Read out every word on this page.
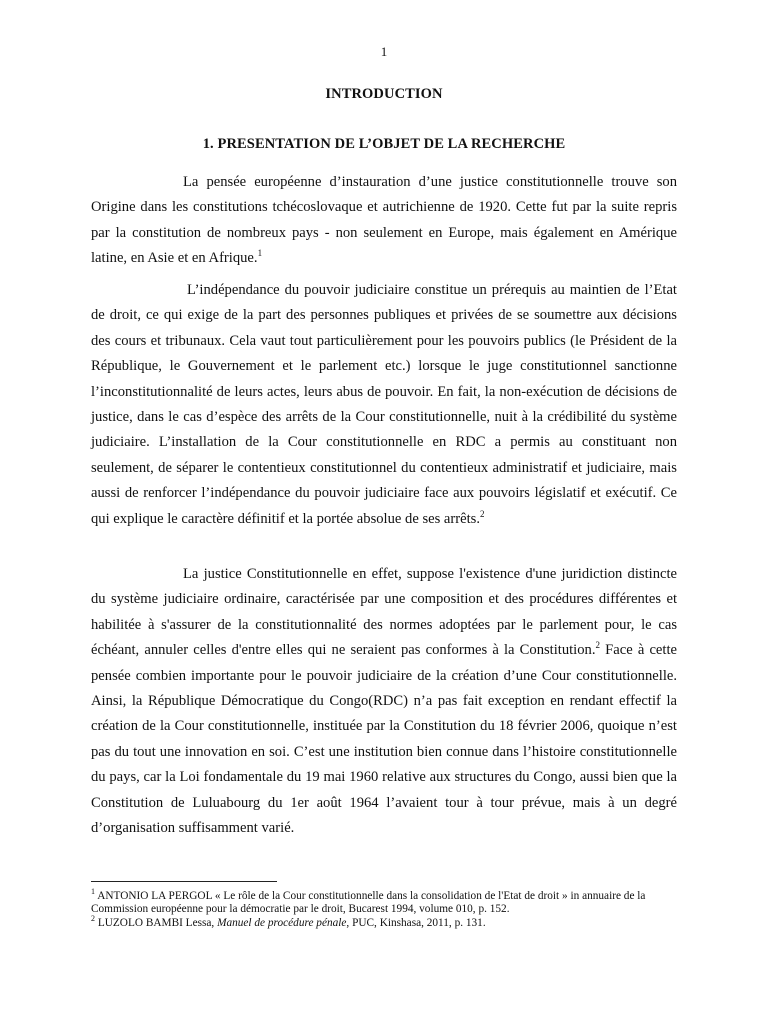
1
INTRODUCTION
1. PRESENTATION DE L’OBJET DE LA RECHERCHE

La pensée européenne d’instauration d’une justice constitutionnelle trouve son Origine dans les constitutions tchécoslovaque et autrichienne de 1920. Cette fut par la suite repris par la constitution de nombreux pays - non seulement en Europe, mais également en Amérique latine, en Asie et en Afrique.$^1$

L’indépendance du pouvoir judiciaire constitue un prérequis au maintien de l’Etat de droit, ce qui exige de la part des personnes publiques et privées de se soumettre aux décisions des cours et tribunaux. Cela vaut tout particulièrement pour les pouvoirs publics (le Président de la République, le Gouvernement et le parlement etc.) lorsque le juge constitutionnel sanctionne l’inconstitutionnalité de leurs actes, leurs abus de pouvoir. En fait, la non-exécution de décisions de justice, dans le cas d’espèce des arrêts de la Cour constitutionnelle, nuit à la crédibilité du système judiciaire. L’installation de la Cour constitutionnelle en RDC a permis au constituant non seulement, de séparer le contentieux constitutionnel du contentieux administratif et judiciaire, mais aussi de renforcer l’indépendance du pouvoir judiciaire face aux pouvoirs législatif et exécutif. Ce qui explique le caractère définitif et la portée absolue de ses arrêts.$^2$

La justice Constitutionnelle en effet, suppose l'existence d'une juridiction distincte du système judiciaire ordinaire, caractérisée par une composition et des procédures différentes et habilitée à s'assurer de la constitutionnalité des normes adoptées par le parlement pour, le cas échéant, annuler celles d'entre elles qui ne seraient pas conformes à la Constitution.$^2$ Face à cette pensée combien importante pour le pouvoir judiciaire de la création d’une Cour constitutionnelle. Ainsi, la République Démocratique du Congo(RDC) n’a pas fait exception en rendant effectif la création de la Cour constitutionnelle, instituée par la Constitution du 18 février 2006, quoique n’est pas du tout une innovation en soi. C’est une institution bien connue dans l’histoire constitutionnelle du pays, car la Loi fondamentale du 19 mai 1960 relative aux structures du Congo, aussi bien que la Constitution de Luluabourg du 1er août 1964 l’avaient tour à tour prévue, mais à un degré d’organisation suffisamment varié.

$^1$ ANTONIO LA PERGOL « Le rôle de la Cour constitutionnelle dans la consolidation de l'Etat de droit » in annuaire de la Commission européenne pour la démocratie par le droit, Bucarest 1994, volume 010, p. 152.
$^2$ LUZOLO BAMBI Lessa, Manuel de procédure pénale, PUC, Kinshasa, 2011, p. 131.
